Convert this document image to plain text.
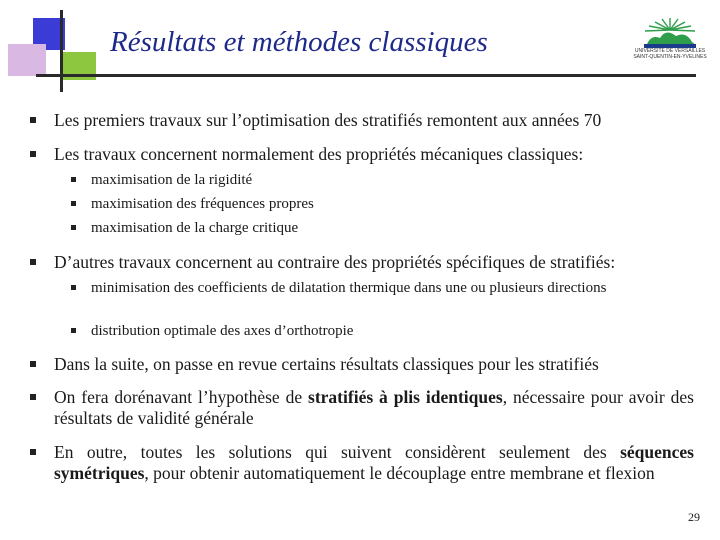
Résultats et méthodes classiques	UNIVERSITÉ DE VERSAILLES
SAINT-QUENTIN-EN-YVELINES
Les premiers travaux sur l’optimisation des stratifiés remontent aux années 70
Les travaux concernent normalement des propriétés mécaniques classiques:
maximisation de la rigidité
maximisation des fréquences propres
maximisation de la charge critique
D’autres travaux concernent au contraire des propriétés spécifiques de stratifiés:
minimisation des coefficients de dilatation thermique dans une ou plusieurs directions
distribution optimale des axes d’orthotropie
Dans la suite, on passe en revue certains résultats classiques pour les stratifiés
On fera dorénavant l’hypothèse de stratifiés à plis identiques, nécessaire pour avoir des résultats de validité générale
En outre, toutes les solutions qui suivent considèrent seulement des séquences symétriques, pour obtenir automatiquement le découplage entre membrane et flexion
29
